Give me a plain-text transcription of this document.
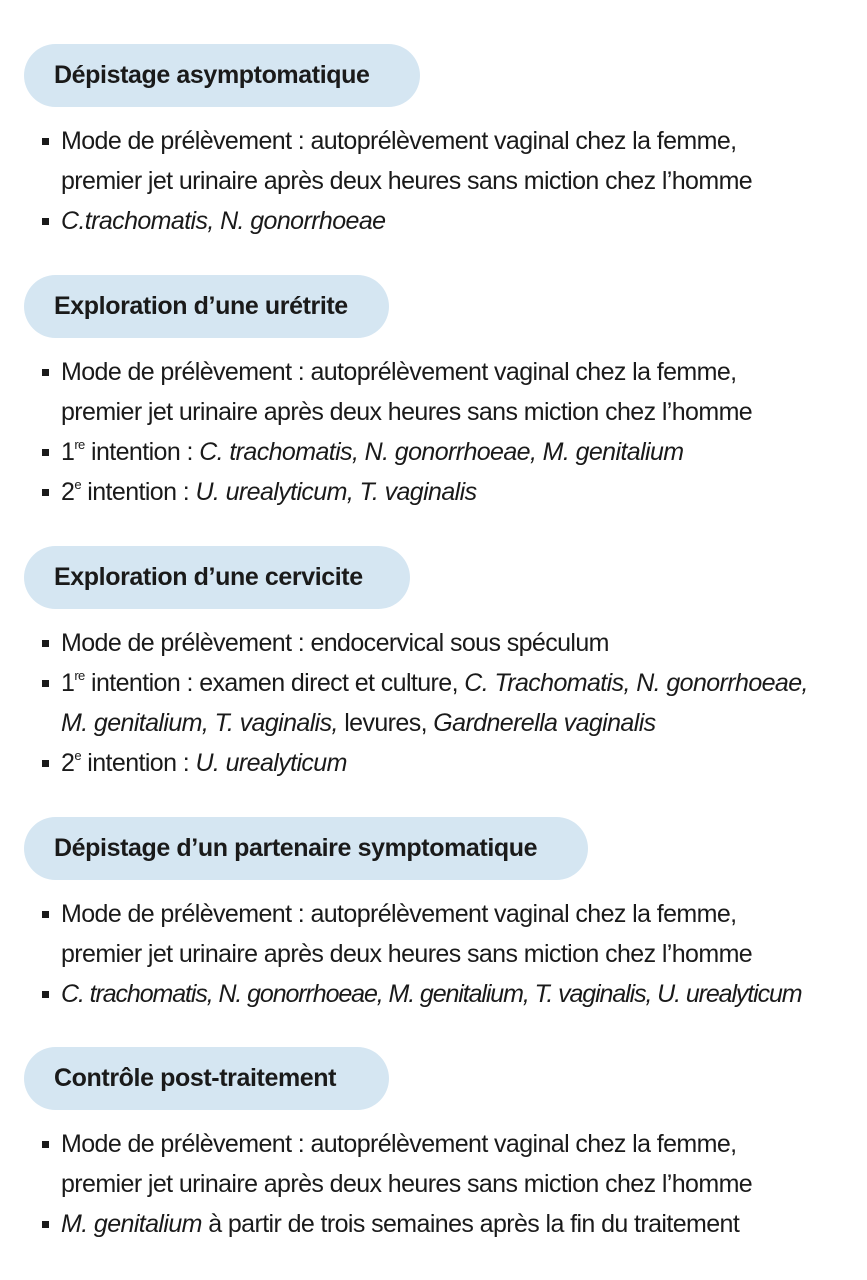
Dépistage asymptomatique
Mode de prélèvement : autoprélèvement vaginal chez la femme,
premier jet urinaire après deux heures sans miction chez l’homme
C.trachomatis, N. gonorrhoeae
Exploration d’une urétrite
Mode de prélèvement : autoprélèvement vaginal chez la femme,
premier jet urinaire après deux heures sans miction chez l’homme
1re intention : C. trachomatis, N. gonorrhoeae, M. genitalium
2e intention : U. urealyticum, T. vaginalis
Exploration d’une cervicite
Mode de prélèvement : endocervical sous spéculum
1re intention : examen direct et culture, C. Trachomatis, N. gonorrhoeae,
M. genitalium, T. vaginalis, levures, Gardnerella vaginalis
2e intention : U. urealyticum
Dépistage d’un partenaire symptomatique
Mode de prélèvement : autoprélèvement vaginal chez la femme,
premier jet urinaire après deux heures sans miction chez l’homme
C. trachomatis, N. gonorrhoeae, M. genitalium, T. vaginalis, U. urealyticum
Contrôle post-traitement
Mode de prélèvement : autoprélèvement vaginal chez la femme,
premier jet urinaire après deux heures sans miction chez l’homme
M. genitalium à partir de trois semaines après la fin du traitement
